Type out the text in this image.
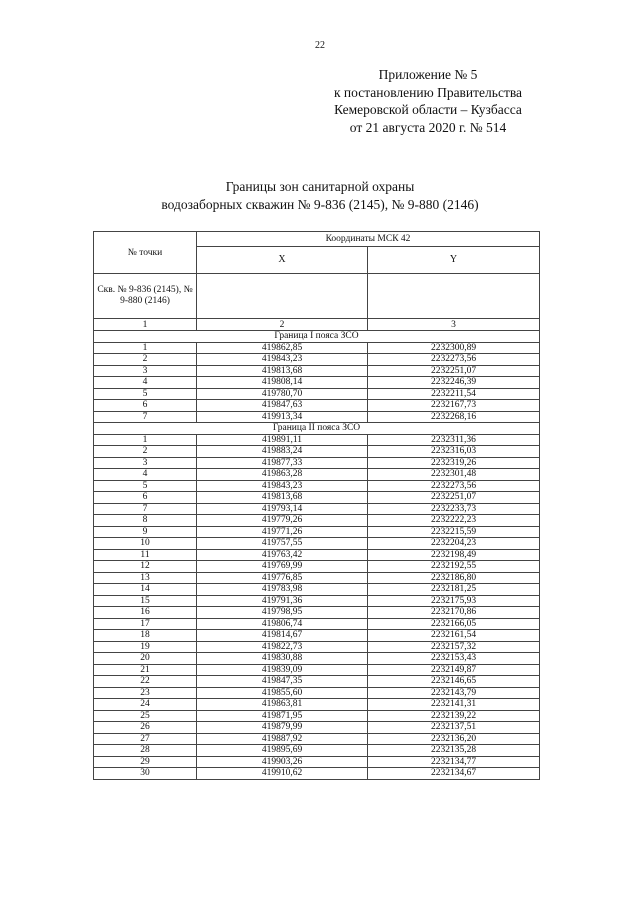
22
Приложение № 5
к постановлению Правительства
Кемеровской области – Кузбасса
от 21 августа 2020 г. № 514
Границы зон санитарной охраны
водозаборных скважин № 9-836 (2145), № 9-880 (2146)
№ точки	Координаты МСК 42	
	X	Y
Скв. № 9-836 (2145), № 9-880 (2146)		
1	2	3
Граница I пояса ЗСО		
1	419862,85	2232300,89
2	419843,23	2232273,56
3	419813,68	2232251,07
4	419808,14	2232246,39
5	419780,70	2232211,54
6	419847,63	2232167,73
7	419913,34	2232268,16
Граница II пояса ЗСО		
1	419891,11	2232311,36
2	419883,24	2232316,03
3	419877,33	2232319,26
4	419863,28	2232301,48
5	419843,23	2232273,56
6	419813,68	2232251,07
7	419793,14	2232233,73
8	419779,26	2232222,23
9	419771,26	2232215,59
10	419757,55	2232204,23
11	419763,42	2232198,49
12	419769,99	2232192,55
13	419776,85	2232186,80
14	419783,98	2232181,25
15	419791,36	2232175,93
16	419798,95	2232170,86
17	419806,74	2232166,05
18	419814,67	2232161,54
19	419822,73	2232157,32
20	419830,88	2232153,43
21	419839,09	2232149,87
22	419847,35	2232146,65
23	419855,60	2232143,79
24	419863,81	2232141,31
25	419871,95	2232139,22
26	419879,99	2232137,51
27	419887,92	2232136,20
28	419895,69	2232135,28
29	419903,26	2232134,77
30	419910,62	2232134,67
